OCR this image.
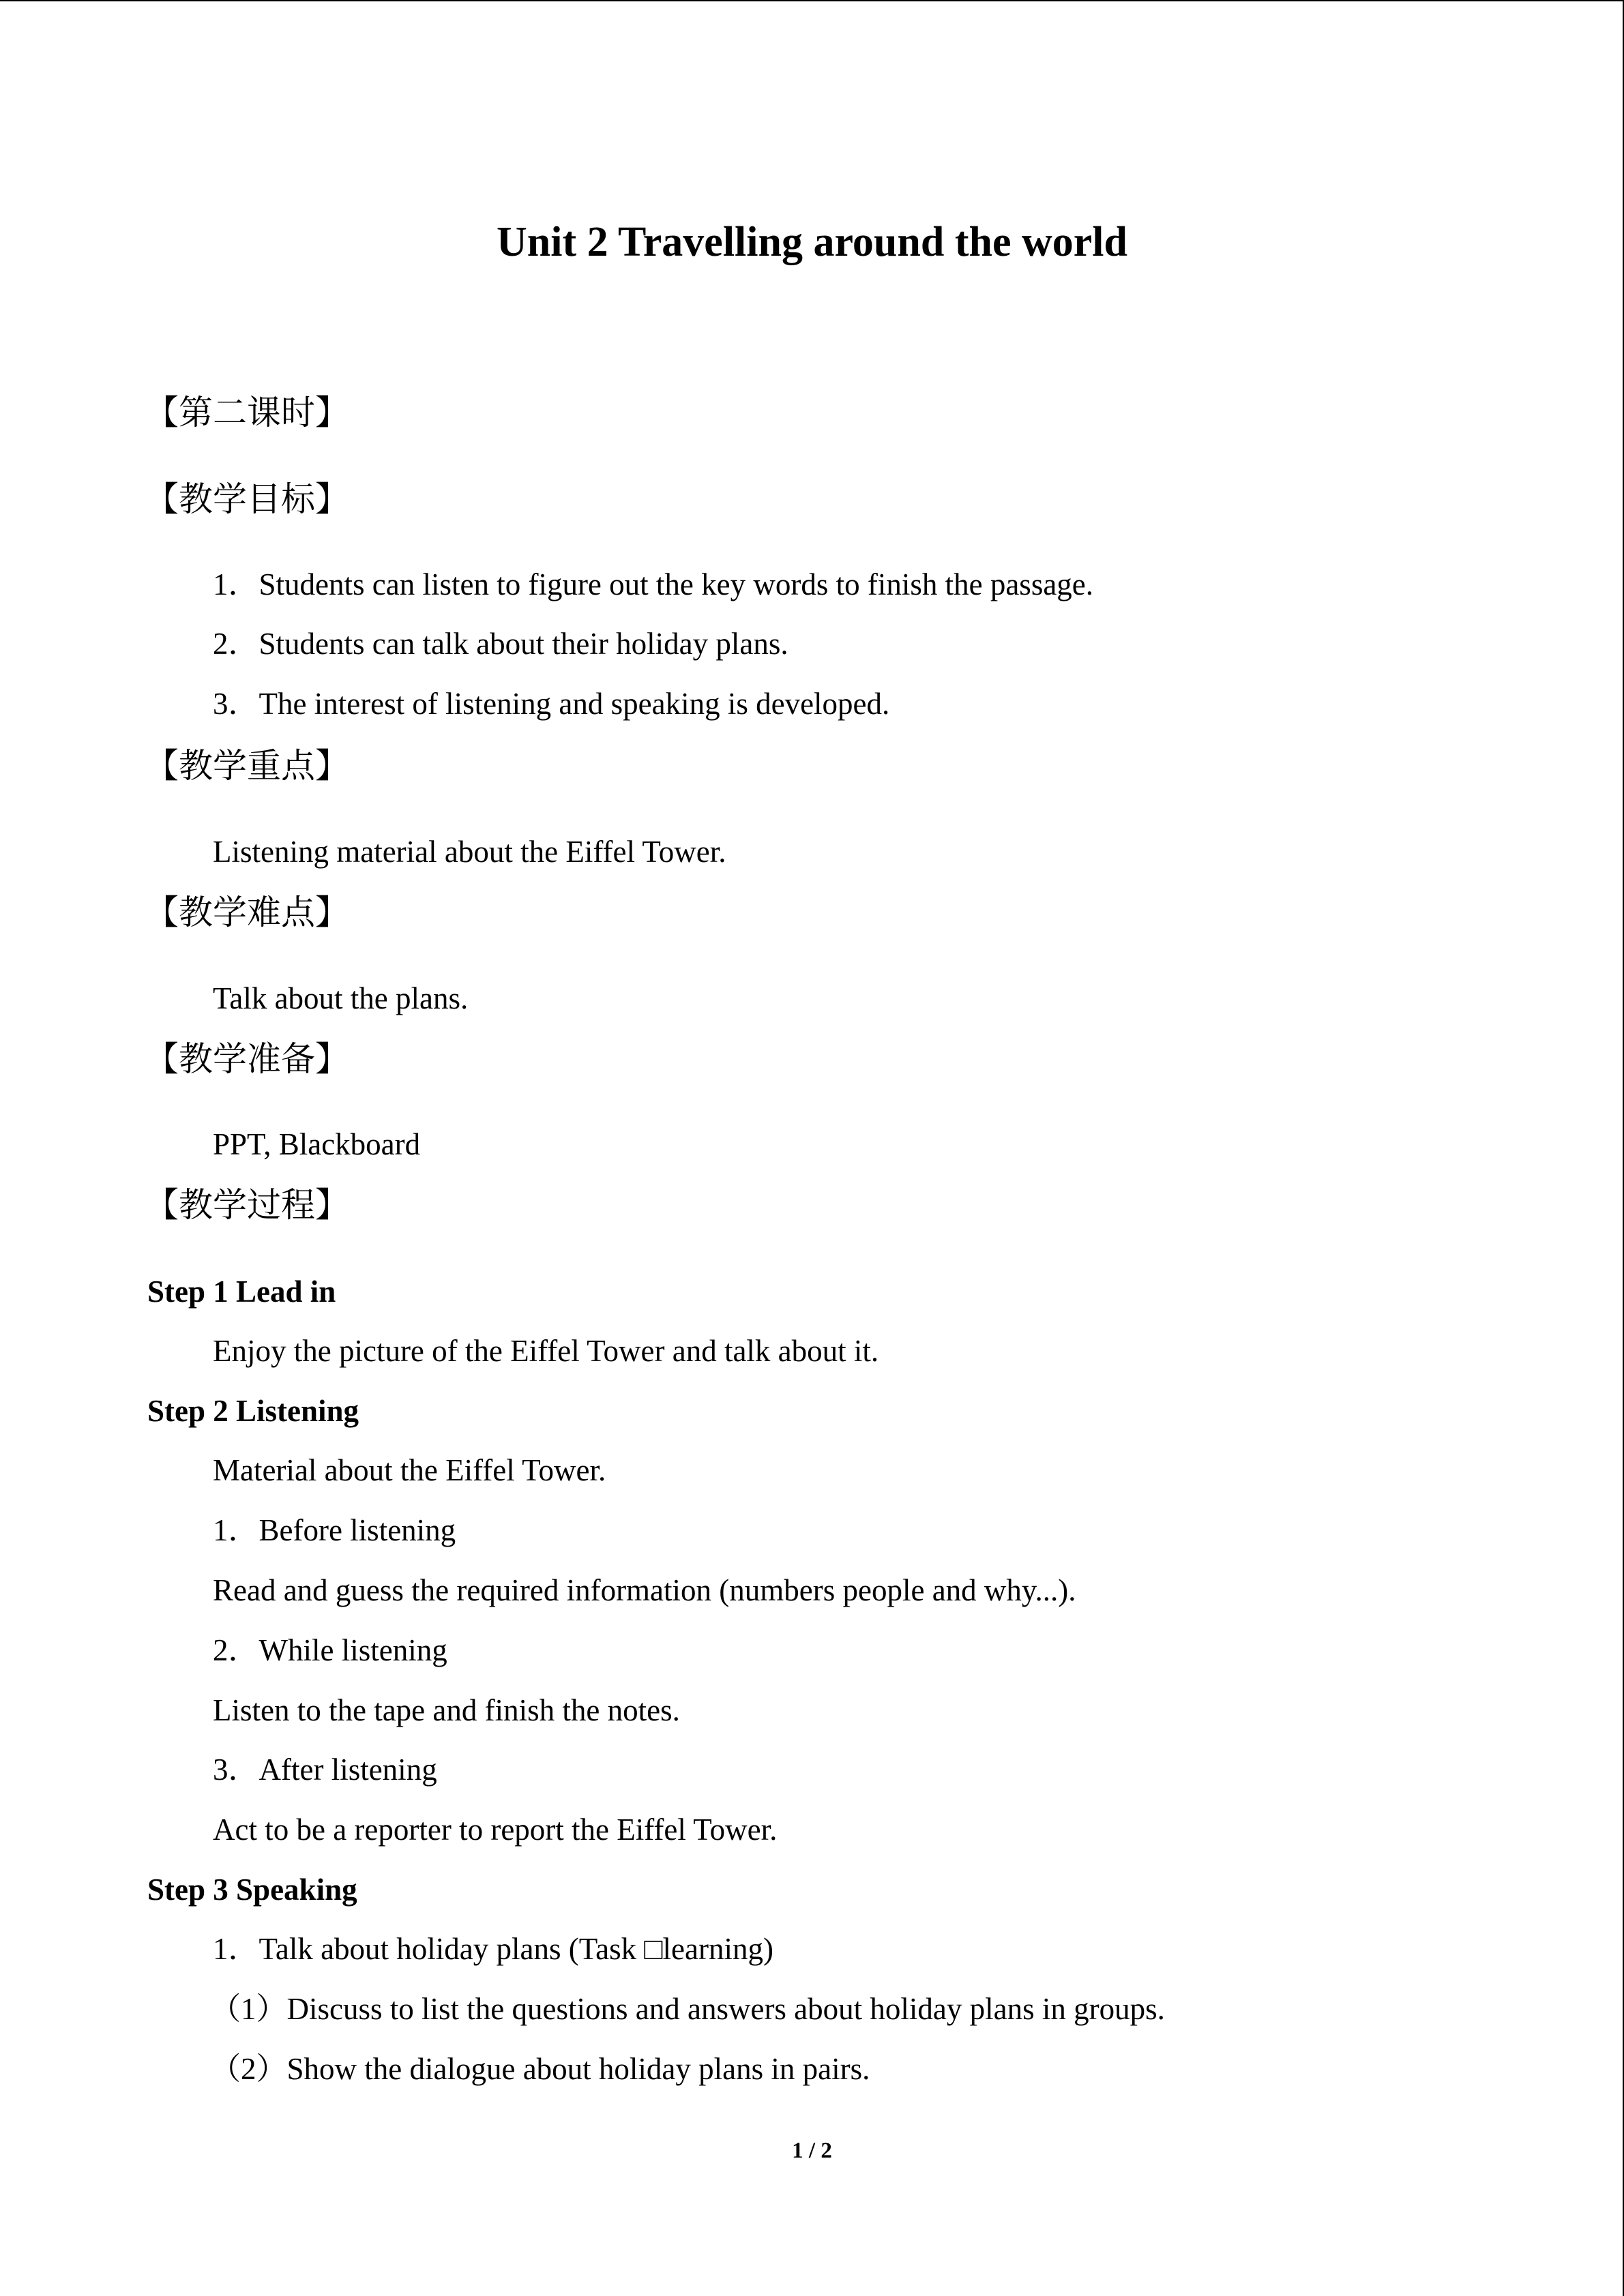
Unit 2 Travelling around the world
【第二课时】
【教学目标】
1．Students can listen to figure out the key words to finish the passage.
2．Students can talk about their holiday plans.
3．The interest of listening and speaking is developed.
【教学重点】
Listening material about the Eiffel Tower.
【教学难点】
Talk about the plans.
【教学准备】
PPT, Blackboard
【教学过程】
Step 1 Lead in
Enjoy the picture of the Eiffel Tower and talk about it.
Step 2 Listening
Material about the Eiffel Tower.
1．Before listening
Read and guess the required information (numbers people and why...).
2．While listening
Listen to the tape and finish the notes.
3．After listening
Act to be a reporter to report the Eiffel Tower.
Step 3 Speaking
1．Talk about holiday plans (Task □learning)
（1）Discuss to list the questions and answers about holiday plans in groups.
（2）Show the dialogue about holiday plans in pairs.
1 / 2
